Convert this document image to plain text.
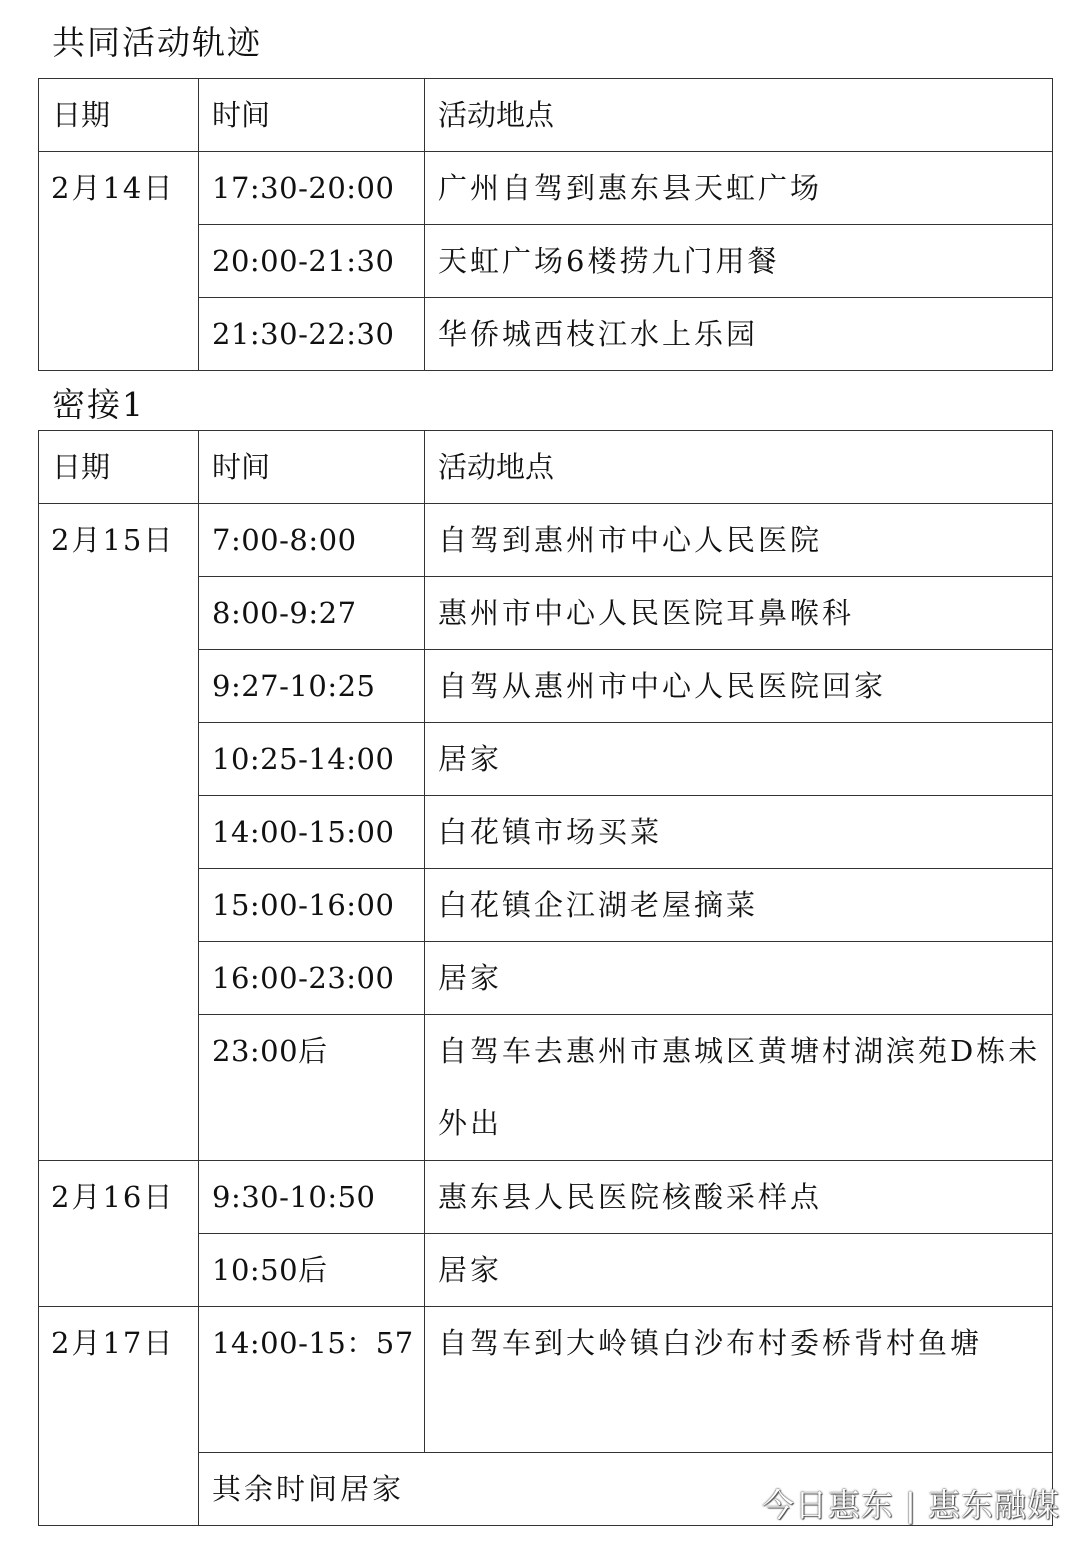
共同活动轨迹
日期	时间	活动地点
2月14日	17:30-20:00	广州自驾到惠东县天虹广场
	20:00-21:30	天虹广场6楼捞九门用餐
	21:30-22:30	华侨城西枝江水上乐园
密接1
日期	时间	活动地点
2月15日	7:00-8:00	自驾到惠州市中心人民医院
	8:00-9:27	惠州市中心人民医院耳鼻喉科
	9:27-10:25	自驾从惠州市中心人民医院回家
	10:25-14:00	居家
	14:00-15:00	白花镇市场买菜
	15:00-16:00	白花镇企江湖老屋摘菜
	16:00-23:00	居家
	23:00后	自驾车去惠州市惠城区黄塘村湖滨苑D栋未外出
2月16日	9:30-10:50	惠东县人民医院核酸采样点
	10:50后	居家
2月17日	14:00-15：57	自驾车到大岭镇白沙布村委桥背村鱼塘
	其余时间居家		今日惠东 | 惠东融媒
